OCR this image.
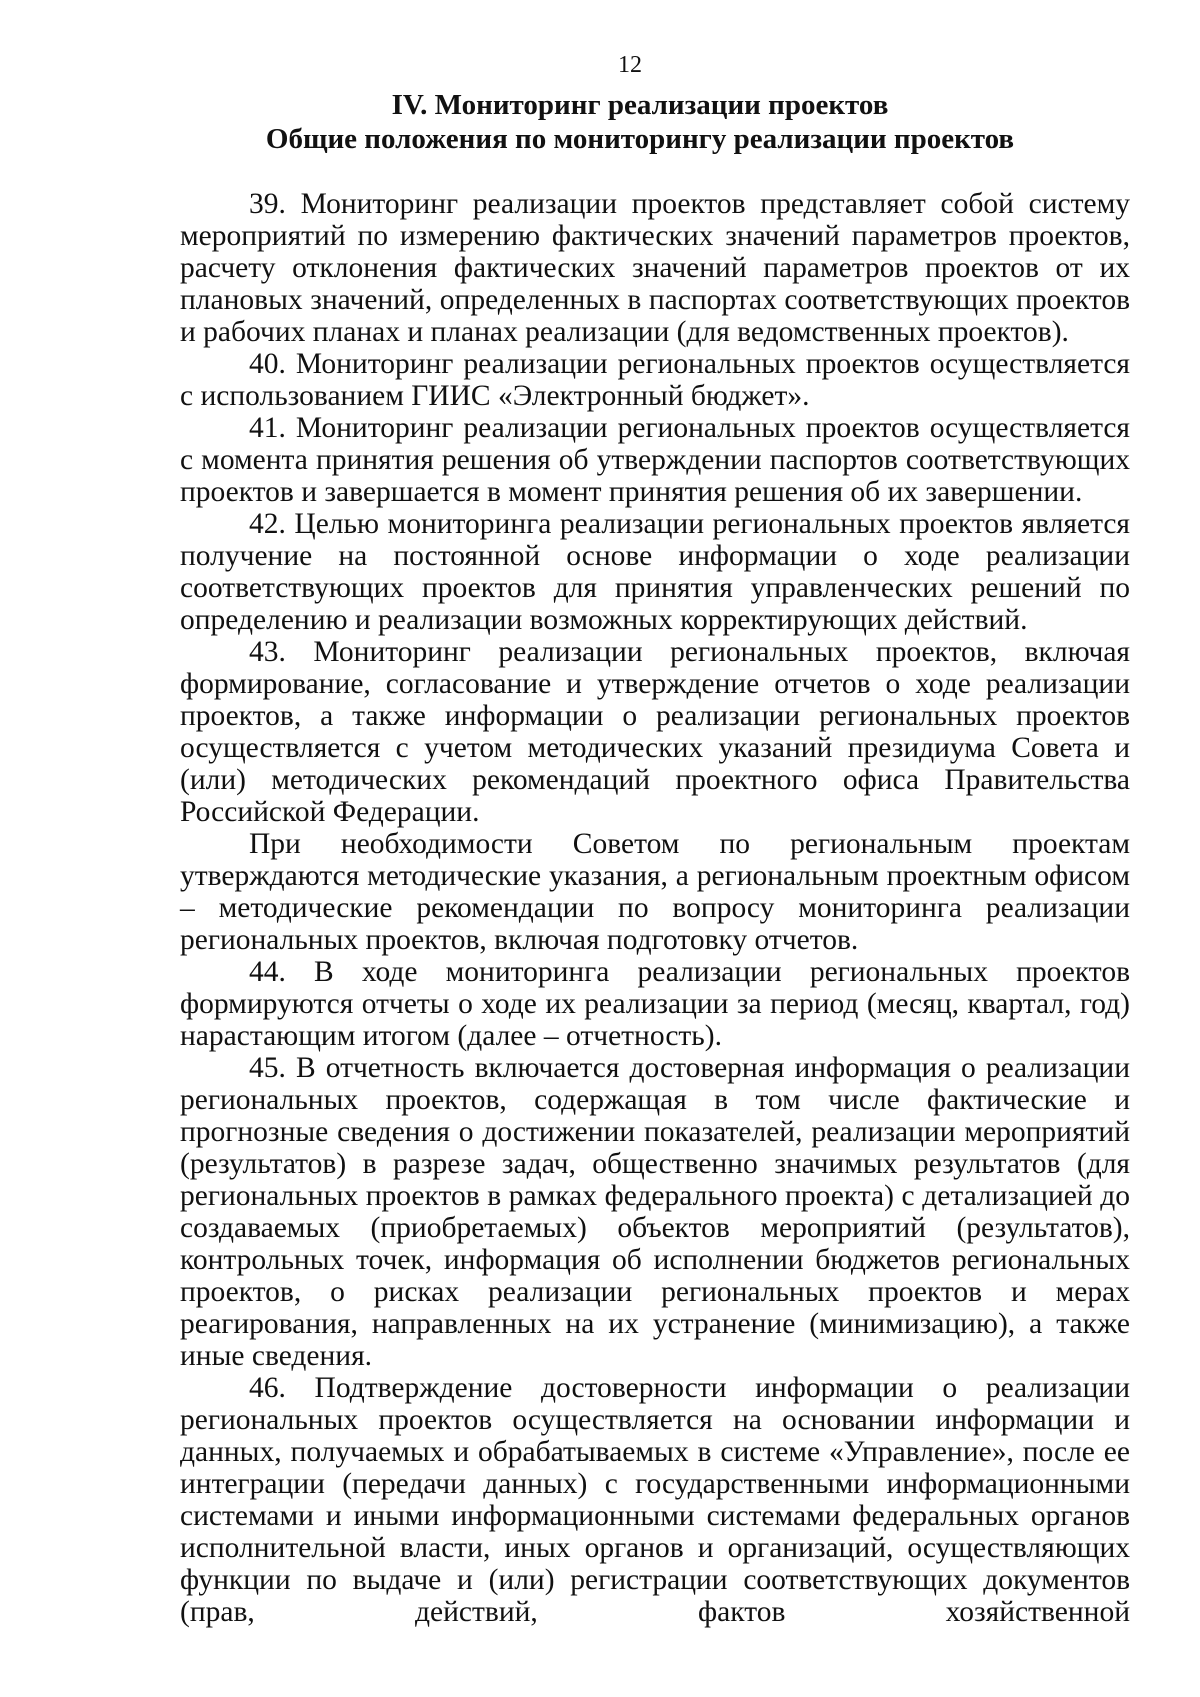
12
IV. Мониторинг реализации проектов
Общие положения по мониторингу реализации проектов

39. Мониторинг реализации проектов представляет собой систему мероприятий по измерению фактических значений параметров проектов, расчету отклонения фактических значений параметров проектов от их плановых значений, определенных в паспортах соответствующих проектов и рабочих планах и планах реализации (для ведомственных проектов).

40. Мониторинг реализации региональных проектов осуществляется с использованием ГИИС «Электронный бюджет».

41. Мониторинг реализации региональных проектов осуществляется с момента принятия решения об утверждении паспортов соответствующих проектов и завершается в момент принятия решения об их завершении.

42. Целью мониторинга реализации региональных проектов является получение на постоянной основе информации о ходе реализации соответствующих проектов для принятия управленческих решений по определению и реализации возможных корректирующих действий.

43. Мониторинг реализации региональных проектов, включая формирование, согласование и утверждение отчетов о ходе реализации проектов, а также информации о реализации региональных проектов осуществляется с учетом методических указаний президиума Совета и (или) методических рекомендаций проектного офиса Правительства Российской Федерации.

При необходимости Советом по региональным проектам утверждаются методические указания, а региональным проектным офисом – методические рекомендации по вопросу мониторинга реализации региональных проектов, включая подготовку отчетов.

44. В ходе мониторинга реализации региональных проектов формируются отчеты о ходе их реализации за период (месяц, квартал, год) нарастающим итогом (далее – отчетность).

45. В отчетность включается достоверная информация о реализации региональных проектов, содержащая в том числе фактические и прогнозные сведения о достижении показателей, реализации мероприятий (результатов) в разрезе задач, общественно значимых результатов (для региональных проектов в рамках федерального проекта) с детализацией до создаваемых (приобретаемых) объектов мероприятий (результатов), контрольных точек, информация об исполнении бюджетов региональных проектов, о рисках реализации региональных проектов и мерах реагирования, направленных на их устранение (минимизацию), а также иные сведения.

46. Подтверждение достоверности информации о реализации региональных проектов осуществляется на основании информации и данных, получаемых и обрабатываемых в системе «Управление», после ее интеграции (передачи данных) с государственными информационными системами и иными информационными системами федеральных органов исполнительной власти, иных органов и организаций, осуществляющих функции по выдаче и (или) регистрации соответствующих документов (прав, действий, фактов хозяйственной
